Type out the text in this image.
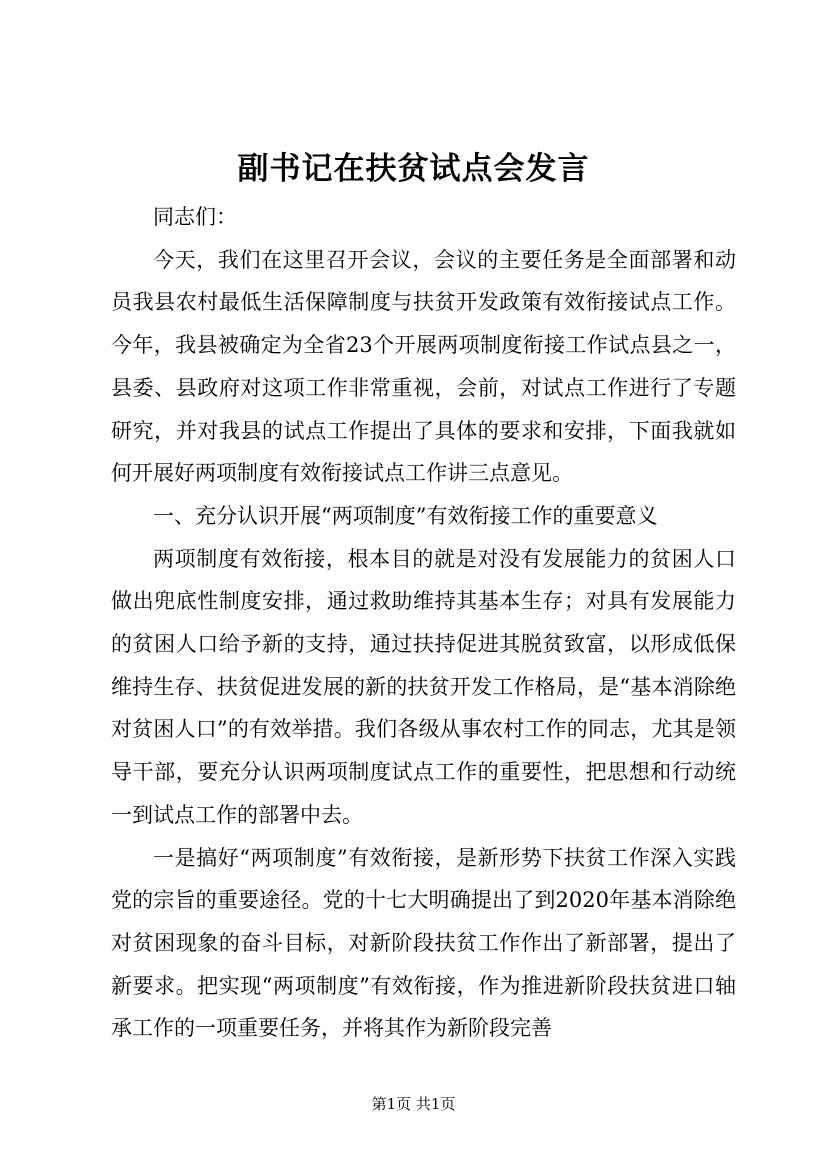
副书记在扶贫试点会发言

同志们：

今天，我们在这里召开会议，会议的主要任务是全面部署和动员我县农村最低生活保障制度与扶贫开发政策有效衔接试点工作。今年，我县被确定为全省23个开展两项制度衔接工作试点县之一，县委、县政府对这项工作非常重视，会前，对试点工作进行了专题研究，并对我县的试点工作提出了具体的要求和安排，下面我就如何开展好两项制度有效衔接试点工作讲三点意见。

一、充分认识开展“两项制度”有效衔接工作的重要意义

两项制度有效衔接，根本目的就是对没有发展能力的贫困人口做出兜底性制度安排，通过救助维持其基本生存；对具有发展能力的贫困人口给予新的支持，通过扶持促进其脱贫致富，以形成低保维持生存、扶贫促进发展的新的扶贫开发工作格局，是“基本消除绝对贫困人口”的有效举措。我们各级从事农村工作的同志，尤其是领导干部，要充分认识两项制度试点工作的重要性，把思想和行动统一到试点工作的部署中去。

一是搞好“两项制度”有效衔接，是新形势下扶贫工作深入实践党的宗旨的重要途径。党的十七大明确提出了到2020年基本消除绝对贫困现象的奋斗目标，对新阶段扶贫工作作出了新部署，提出了新要求。把实现“两项制度”有效衔接，作为推进新阶段扶贫进口轴承工作的一项重要任务，并将其作为新阶段完善

第1页 共1页
